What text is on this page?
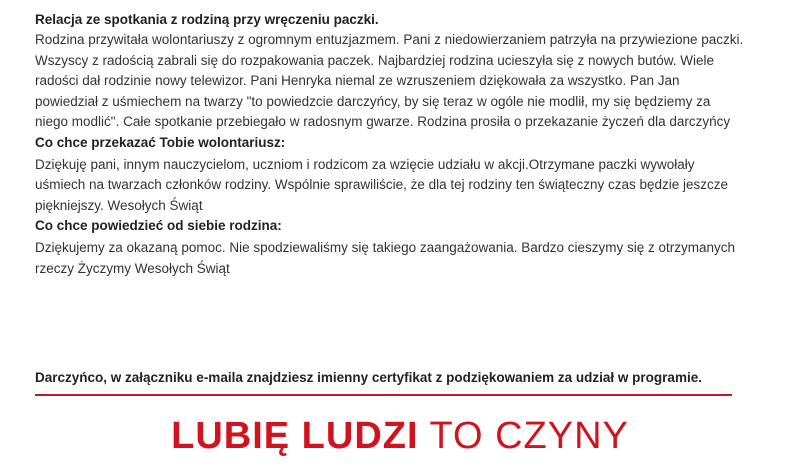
Relacja ze spotkania z rodziną przy wręczeniu paczki.

Rodzina przywitała wolontariuszy z ogromnym entuzjazmem. Pani z niedowierzaniem patrzyła na przywiezione paczki. Wszyscy z radością zabrali się do rozpakowania paczek. Najbardziej rodzina ucieszyła się z nowych butów. Wiele radości dał rodzinie nowy telewizor. Pani Henryka niemal ze wzruszeniem dziękowała za wszystko. Pan Jan powiedział z uśmiechem na twarzy "to powiedzcie darczyńcy, by się teraz w ogóle nie modlił, my się będziemy za niego modlić". Całe spotkanie przebiegało w radosnym gwarze. Rodzina prosiła o przekazanie życzeń dla darczyńcy

Co chce przekazać Tobie wolontariusz:

Dziękuję pani, innym nauczycielom, uczniom i rodzicom za wzięcie udziału w akcji.Otrzymane paczki wywołały uśmiech na twarzach członków rodziny. Wspólnie sprawiliście, że dla tej rodziny ten świąteczny czas będzie jeszcze piękniejszy. Wesołych Świąt

Co chce powiedzieć od siebie rodzina:

Dziękujemy za okazaną pomoc. Nie spodziewaliśmy się takiego zaangażowania. Bardzo cieszymy się z otrzymanych rzeczy Życzymy Wesołych Świąt

Darczyńco, w załączniku e-maila znajdziesz imienny certyfikat z podziękowaniem za udział w programie.

LUBIĘ LUDZI TO CZYNY
